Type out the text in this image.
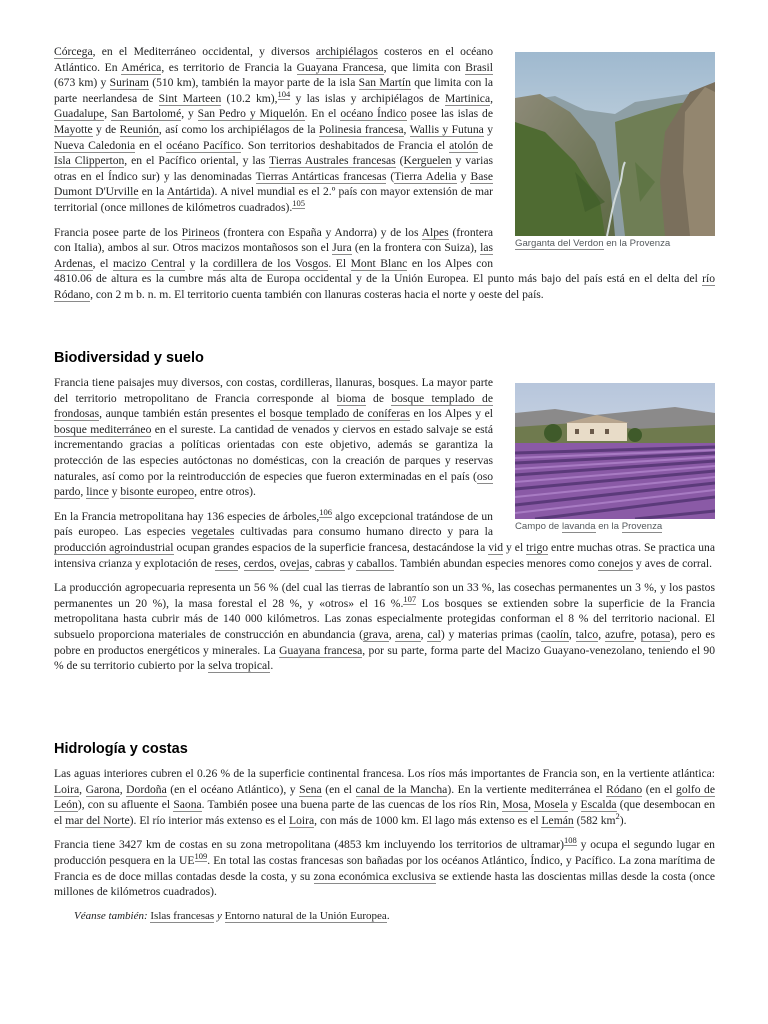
Garganta del Verdon en la Provenza

Córcega, en el Mediterráneo occidental, y diversos archipiélagos costeros en el océano Atlántico. En América, es territorio de Francia la Guayana Francesa, que limita con Brasil (673 km) y Surinam (510 km), también la mayor parte de la isla San Martín que limita con la parte neerlandesa de Sint Marteen (10.2 km),$^{104}$ y las islas y archipiélagos de Martinica, Guadalupe, San Bartolomé, y San Pedro y Miquelón. En el océano Índico posee las islas de Mayotte y de Reunión, así como los archipiélagos de la Polinesia francesa, Wallis y Futuna y Nueva Caledonia en el océano Pacífico. Son territorios deshabitados de Francia el atolón de Isla Clipperton, en el Pacífico oriental, y las Tierras Australes francesas (Kerguelen y varias otras en el Índico sur) y las denominadas Tierras Antárticas francesas (Tierra Adelia y Base Dumont D'Urville en la Antártida). A nivel mundial es el 2.º país con mayor extensión de mar territorial (once millones de kilómetros cuadrados).$^{105}$

Francia posee parte de los Pirineos (frontera con España y Andorra) y de los Alpes (frontera con Italia), ambos al sur. Otros macizos montañosos son el Jura (en la frontera con Suiza), las Ardenas, el macizo Central y la cordillera de los Vosgos. El Mont Blanc en los Alpes con 4810.06 de altura es la cumbre más alta de Europa occidental y de la Unión Europea. El punto más bajo del país está en el delta del río Ródano, con 2 m b. n. m. El territorio cuenta también con llanuras costeras hacia el norte y oeste del país.

Biodiversidad y suelo
Campo de lavanda en la Provenza

Francia tiene paisajes muy diversos, con costas, cordilleras, llanuras, bosques. La mayor parte del territorio metropolitano de Francia corresponde al bioma de bosque templado de frondosas, aunque también están presentes el bosque templado de coníferas en los Alpes y el bosque mediterráneo en el sureste. La cantidad de venados y ciervos en estado salvaje se está incrementando gracias a políticas orientadas con este objetivo, además se garantiza la protección de las especies autóctonas no domésticas, con la creación de parques y reservas naturales, así como por la reintroducción de especies que fueron exterminadas en el país (oso pardo, lince y bisonte europeo, entre otros).

En la Francia metropolitana hay 136 especies de árboles,$^{106}$ algo excepcional tratándose de un país europeo. Las especies vegetales cultivadas para consumo humano directo y para la producción agroindustrial ocupan grandes espacios de la superficie francesa, destacándose la vid y el trigo entre muchas otras. Se practica una intensiva crianza y explotación de reses, cerdos, ovejas, cabras y caballos. También abundan especies menores como conejos y aves de corral.

La producción agropecuaria representa un 56 % (del cual las tierras de labrantío son un 33 %, las cosechas permanentes un 3 %, y los pastos permanentes un 20 %), la masa forestal el 28 %, y «otros» el 16 %.$^{107}$ Los bosques se extienden sobre la superficie de la Francia metropolitana hasta cubrir más de 140 000 kilómetros. Las zonas especialmente protegidas conforman el 8 % del territorio nacional. El subsuelo proporciona materiales de construcción en abundancia (grava, arena, cal) y materias primas (caolín, talco, azufre, potasa), pero es pobre en productos energéticos y minerales. La Guayana francesa, por su parte, forma parte del Macizo Guayano-venezolano, teniendo el 90 % de su territorio cubierto por la selva tropical.

Hidrología y costas

Las aguas interiores cubren el 0.26 % de la superficie continental francesa. Los ríos más importantes de Francia son, en la vertiente atlántica: Loira, Garona, Dordoña (en el océano Atlántico), y Sena (en el canal de la Mancha). En la vertiente mediterránea el Ródano (en el golfo de León), con su afluente el Saona. También posee una buena parte de las cuencas de los ríos Rin, Mosa, Mosela y Escalda (que desembocan en el mar del Norte). El río interior más extenso es el Loira, con más de 1000 km. El lago más extenso es el Lemán (582 $km^2$).

Francia tiene 3427 km de costas en su zona metropolitana (4853 km incluyendo los territorios de ultramar)$^{108}$ y ocupa el segundo lugar en producción pesquera en la UE$^{109}$. En total las costas francesas son bañadas por los océanos Atlántico, Índico, y Pacífico. La zona marítima de Francia es de doce millas contadas desde la costa, y su zona económica exclusiva se extiende hasta las doscientas millas desde la costa (once millones de kilómetros cuadrados).

Véanse también: Islas francesas y Entorno natural de la Unión Europea.
